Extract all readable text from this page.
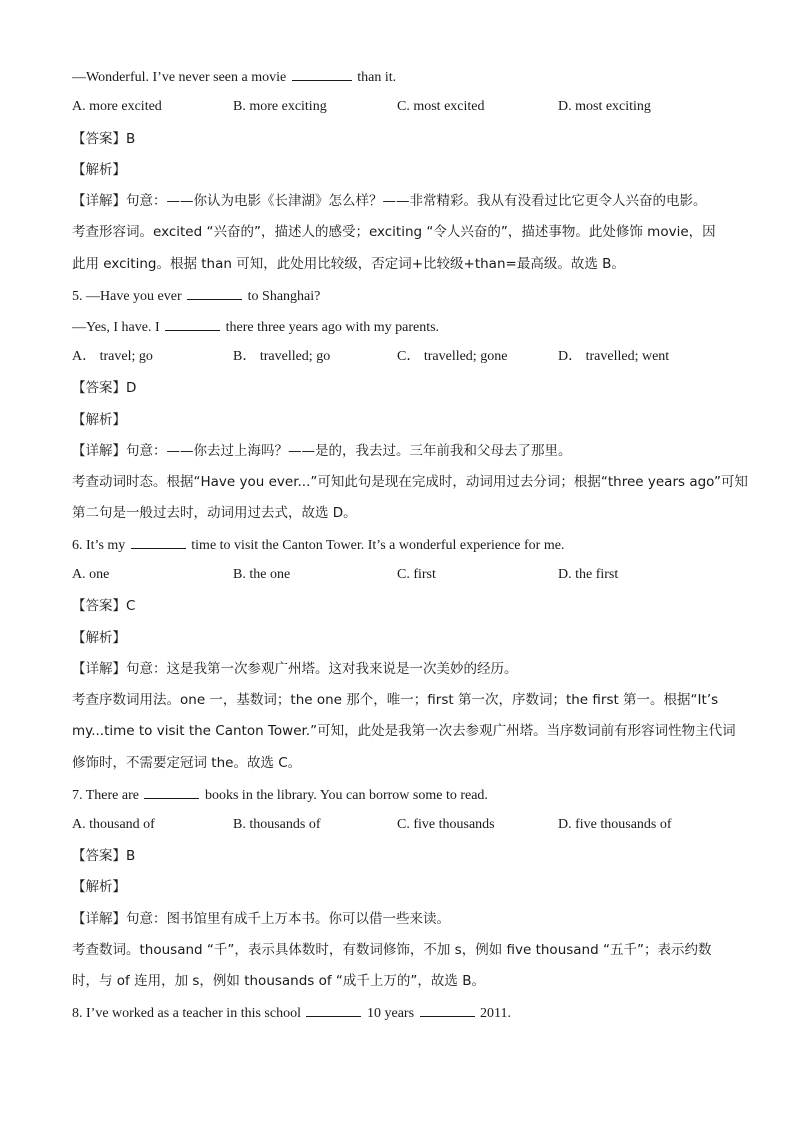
—Wonderful. I’ve never seen a movie	than it.
A. more excited	B. more exciting	C. most excited	D. most exciting
【答案】B
【解析】
【详解】句意：——你认为电影《长津湖》怎么样？——非常精彩。我从有没看过比它更令人兴奋的电影。
考查形容词。excited “兴奋的”，描述人的感受；exciting “令人兴奋的”，描述事物。此处修饰 movie，因
此用 exciting。根据 than 可知，此处用比较级，否定词+比较级+than=最高级。故选 B。
5. —Have you ever	to Shanghai?
—Yes, I have. I	there three years ago with my parents.
A． travel; go	B． travelled; go	C． travelled; gone	D． travelled; went
【答案】D
【解析】
【详解】句意：——你去过上海吗？——是的，我去过。三年前我和父母去了那里。
考查动词时态。根据“Have you ever...”可知此句是现在完成时，动词用过去分词；根据“three years ago”可知
第二句是一般过去时，动词用过去式，故选 D。
6. It’s my	time to visit the Canton Tower. It’s a wonderful experience for me.
A. one	B. the one	C. first	D. the first
【答案】C
【解析】
【详解】句意：这是我第一次参观广州塔。这对我来说是一次美妙的经历。
考查序数词用法。one 一，基数词；the one 那个，唯一；first 第一次，序数词；the first 第一。根据“It’s
my...time to visit the Canton Tower.”可知，此处是我第一次去参观广州塔。当序数词前有形容词性物主代词
修饰时，不需要定冠词 the。故选 C。
7. There are	books in the library. You can borrow some to read.
A. thousand of	B. thousands of	C. five thousands	D. five thousands of
【答案】B
【解析】
【详解】句意：图书馆里有成千上万本书。你可以借一些来读。
考查数词。thousand “千”，表示具体数时，有数词修饰，不加 s，例如 five thousand “五千”；表示约数
时，与 of 连用，加 s，例如 thousands of “成千上万的”，故选 B。
8. I’ve worked as a teacher in this school	10 years	2011.
